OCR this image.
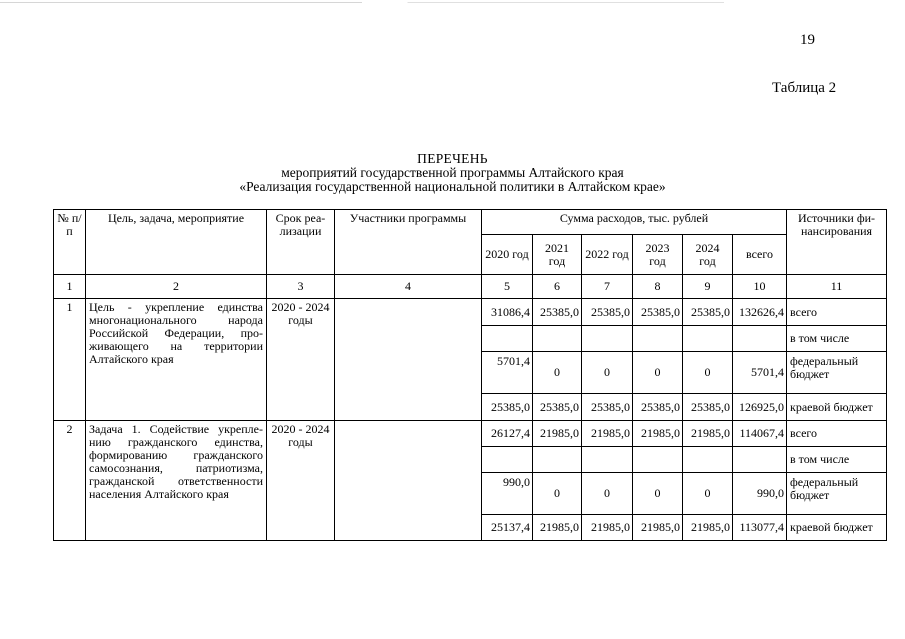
19
Таблица 2
ПЕРЕЧЕНЬ
мероприятий государственной программы Алтайского края
«Реализация государственной национальной политики в Алтайском крае»
№ п/п	Цель, задача, мероприятие	Срок реа-лизации	Участники программы	Сумма расходов, тыс. рублей						Источники фи-нансирования
				2020 год	2021 год	2022 год	2023 год	2024 год	всего	
1	2	3	4	5	6	7	8	9	10	11
1	Цель - укрепление единства многонационального народа Российской Федерации, про-живающего на территории Алтайского края	2020 - 2024 годы		31086,4	25385,0	25385,0	25385,0	25385,0	132626,4	всего
										в том числе
				5701,4	0	0	0	0	5701,4	федеральный бюджет
				25385,0	25385,0	25385,0	25385,0	25385,0	126925,0	краевой бюджет
2	Задача 1. Содействие укрепле-нию гражданского единства, формированию гражданского самосознания, патриотизма, гражданской ответственности населения Алтайского края	2020 - 2024 годы		26127,4	21985,0	21985,0	21985,0	21985,0	114067,4	всего
										в том числе
				990,0	0	0	0	0	990,0	федеральный бюджет
				25137,4	21985,0	21985,0	21985,0	21985,0	113077,4	краевой бюджет
